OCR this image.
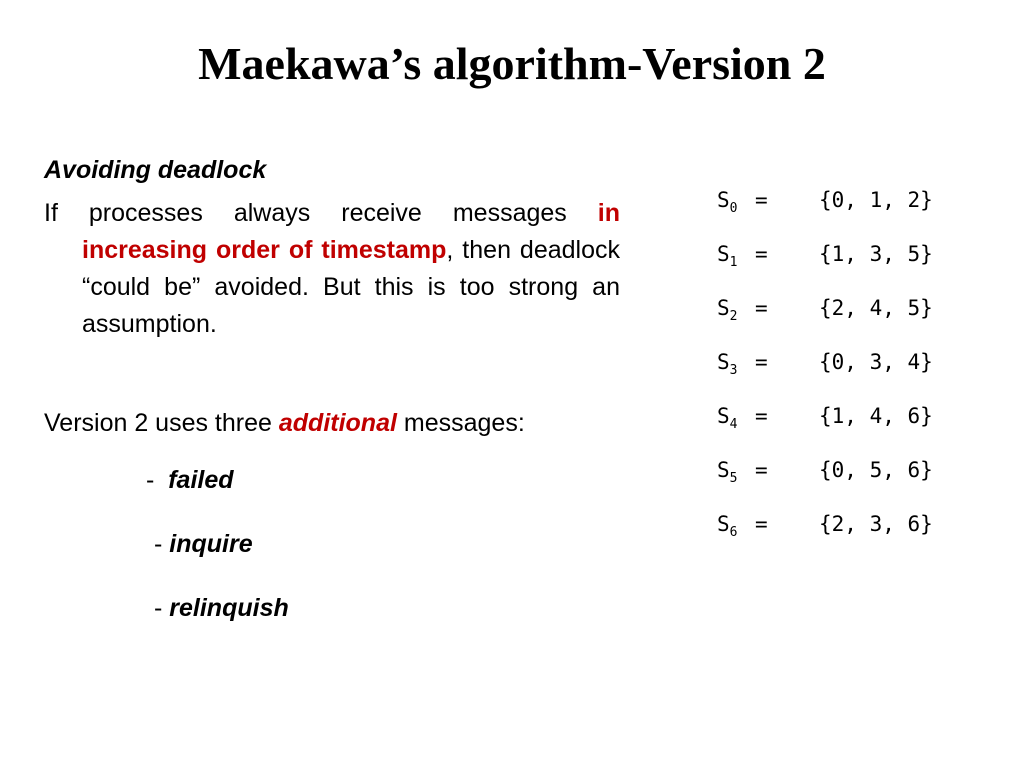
Maekawa’s algorithm-Version 2

Avoiding deadlock

If processes always receive messages in increasing order of timestamp, then deadlock “could be” avoided. But this is too strong an assumption.

Version 2 uses three additional messages:

- failed

- inquire

- relinquish

$S_0 = \{0$, 1, 2}
$S_1 = \{1$, 3, 5}
$S_2 = \{2$, 4, 5}
$S_3 = \{0$, 3, 4}
$S_4 = \{1$, 4, 6}
$S_5 = \{0$, 5, 6}
$S_6 = \{2$, 3, 6}
